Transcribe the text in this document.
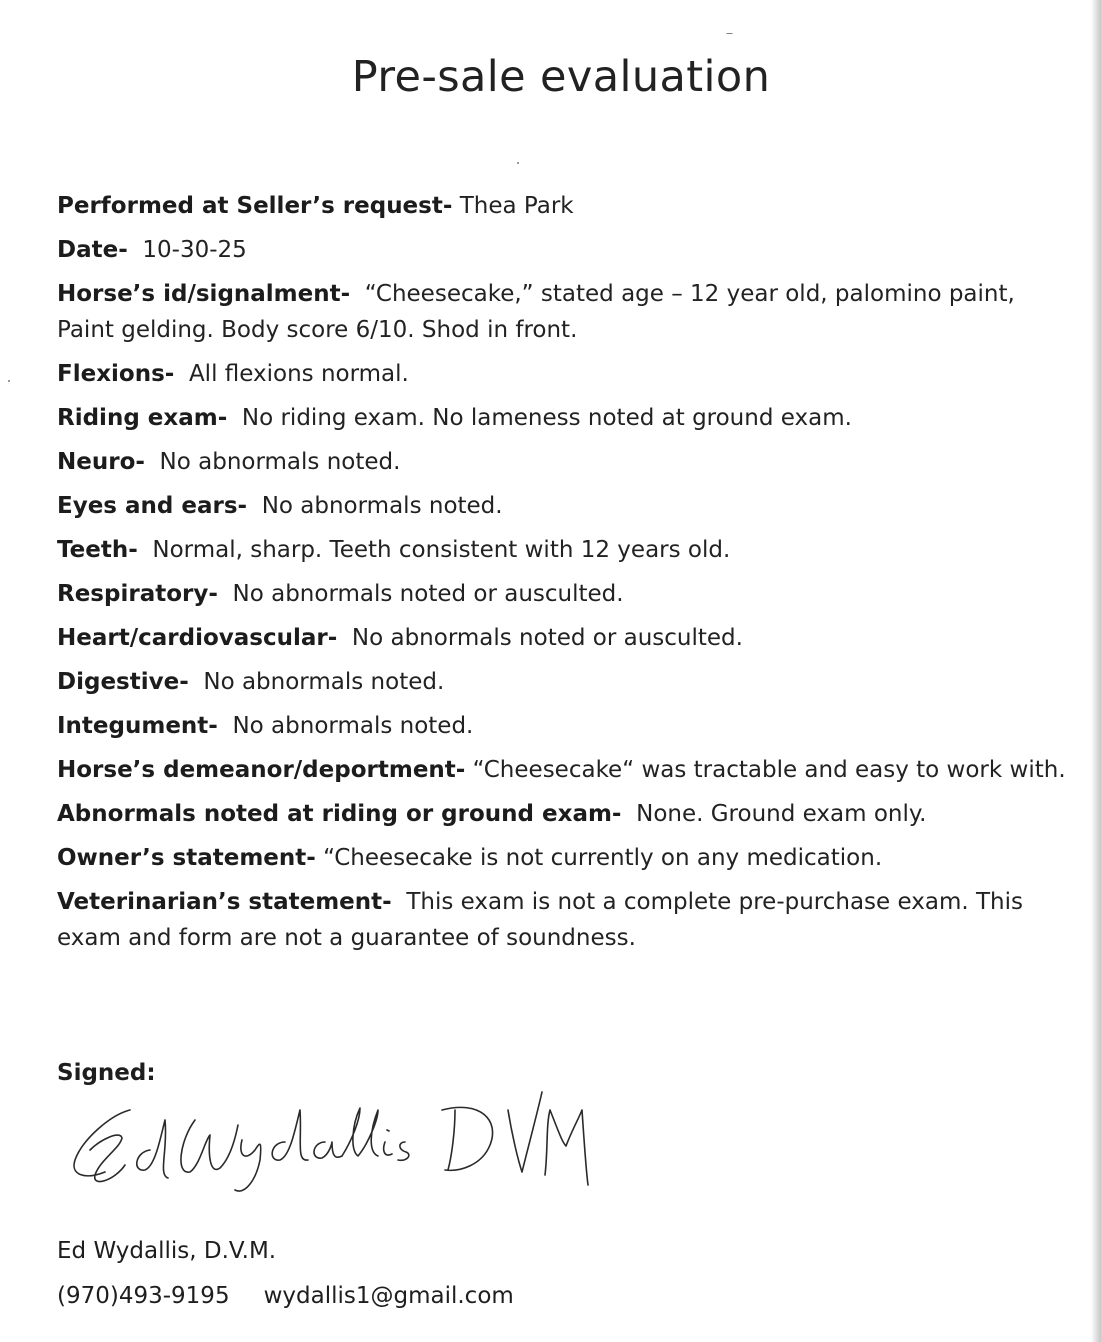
Pre-sale evaluation
Performed at Seller’s request- Thea Park
Date- 10-30-25
Horse’s id/signalment- “Cheesecake,” stated age – 12 year old, palomino paint, Paint gelding. Body score 6/10. Shod in front.
Flexions- All flexions normal.
Riding exam- No riding exam. No lameness noted at ground exam.
Neuro- No abnormals noted.
Eyes and ears- No abnormals noted.
Teeth- Normal, sharp. Teeth consistent with 12 years old.
Respiratory- No abnormals noted or ausculted.
Heart/cardiovascular- No abnormals noted or ausculted.
Digestive- No abnormals noted.
Integument- No abnormals noted.
Horse’s demeanor/deportment- “Cheesecake“ was tractable and easy to work with.
Abnormals noted at riding or ground exam- None. Ground exam only.
Owner’s statement- “Cheesecake is not currently on any medication.
Veterinarian’s statement- This exam is not a complete pre-purchase exam. This exam and form are not a guarantee of soundness.
Signed:
Ed Wydallis, D.V.M.
(970)493-9195 wydallis1@gmail.com
